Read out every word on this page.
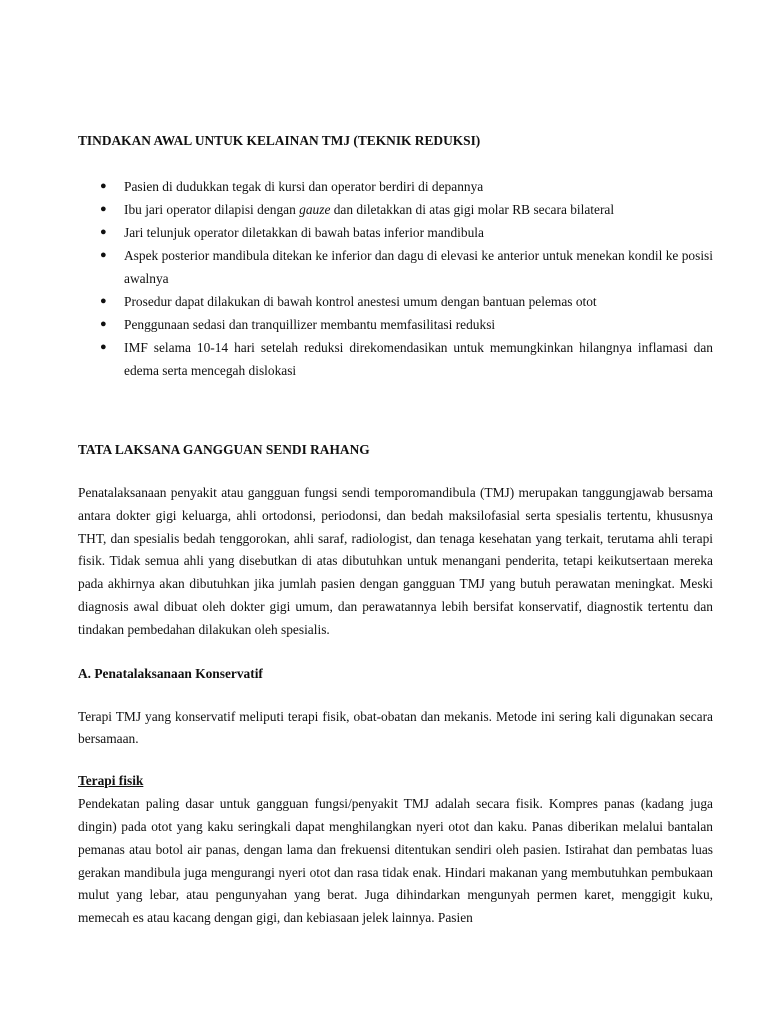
TINDAKAN AWAL UNTUK KELAINAN TMJ (TEKNIK REDUKSI)
● Pasien di dudukkan tegak di kursi dan operator berdiri di depannya
● Ibu jari operator dilapisi dengan gauze dan diletakkan di atas gigi molar RB secara bilateral
● Jari telunjuk operator diletakkan di bawah batas inferior mandibula
● Aspek posterior mandibula ditekan ke inferior dan dagu di elevasi ke anterior untuk menekan kondil ke posisi awalnya
● Prosedur dapat dilakukan di bawah kontrol anestesi umum dengan bantuan pelemas otot
● Penggunaan sedasi dan tranquillizer membantu memfasilitasi reduksi
● IMF selama 10-14 hari setelah reduksi direkomendasikan untuk memungkinkan hilangnya inflamasi dan edema serta mencegah dislokasi
TATA LAKSANA GANGGUAN SENDI RAHANG

Penatalaksanaan penyakit atau gangguan fungsi sendi temporomandibula (TMJ) merupakan tanggungjawab bersama antara dokter gigi keluarga, ahli ortodonsi, periodonsi, dan bedah maksilofasial serta spesialis tertentu, khususnya THT, dan spesialis bedah tenggorokan, ahli saraf, radiologist, dan tenaga kesehatan yang terkait, terutama ahli terapi fisik. Tidak semua ahli yang disebutkan di atas dibutuhkan untuk menangani penderita, tetapi keikutsertaan mereka pada akhirnya akan dibutuhkan jika jumlah pasien dengan gangguan TMJ yang butuh perawatan meningkat. Meski diagnosis awal dibuat oleh dokter gigi umum, dan perawatannya lebih bersifat konservatif, diagnostik tertentu dan tindakan pembedahan dilakukan oleh spesialis.

A. Penatalaksanaan Konservatif

Terapi TMJ yang konservatif meliputi terapi fisik, obat-obatan dan mekanis. Metode ini sering kali digunakan secara bersamaan.

Terapi fisik

Pendekatan paling dasar untuk gangguan fungsi/penyakit TMJ adalah secara fisik. Kompres panas (kadang juga dingin) pada otot yang kaku seringkali dapat menghilangkan nyeri otot dan kaku. Panas diberikan melalui bantalan pemanas atau botol air panas, dengan lama dan frekuensi ditentukan sendiri oleh pasien. Istirahat dan pembatas luas gerakan mandibula juga mengurangi nyeri otot dan rasa tidak enak. Hindari makanan yang membutuhkan pembukaan mulut yang lebar, atau pengunyahan yang berat. Juga dihindarkan mengunyah permen karet, menggigit kuku, memecah es atau kacang dengan gigi, dan kebiasaan jelek lainnya. Pasien
